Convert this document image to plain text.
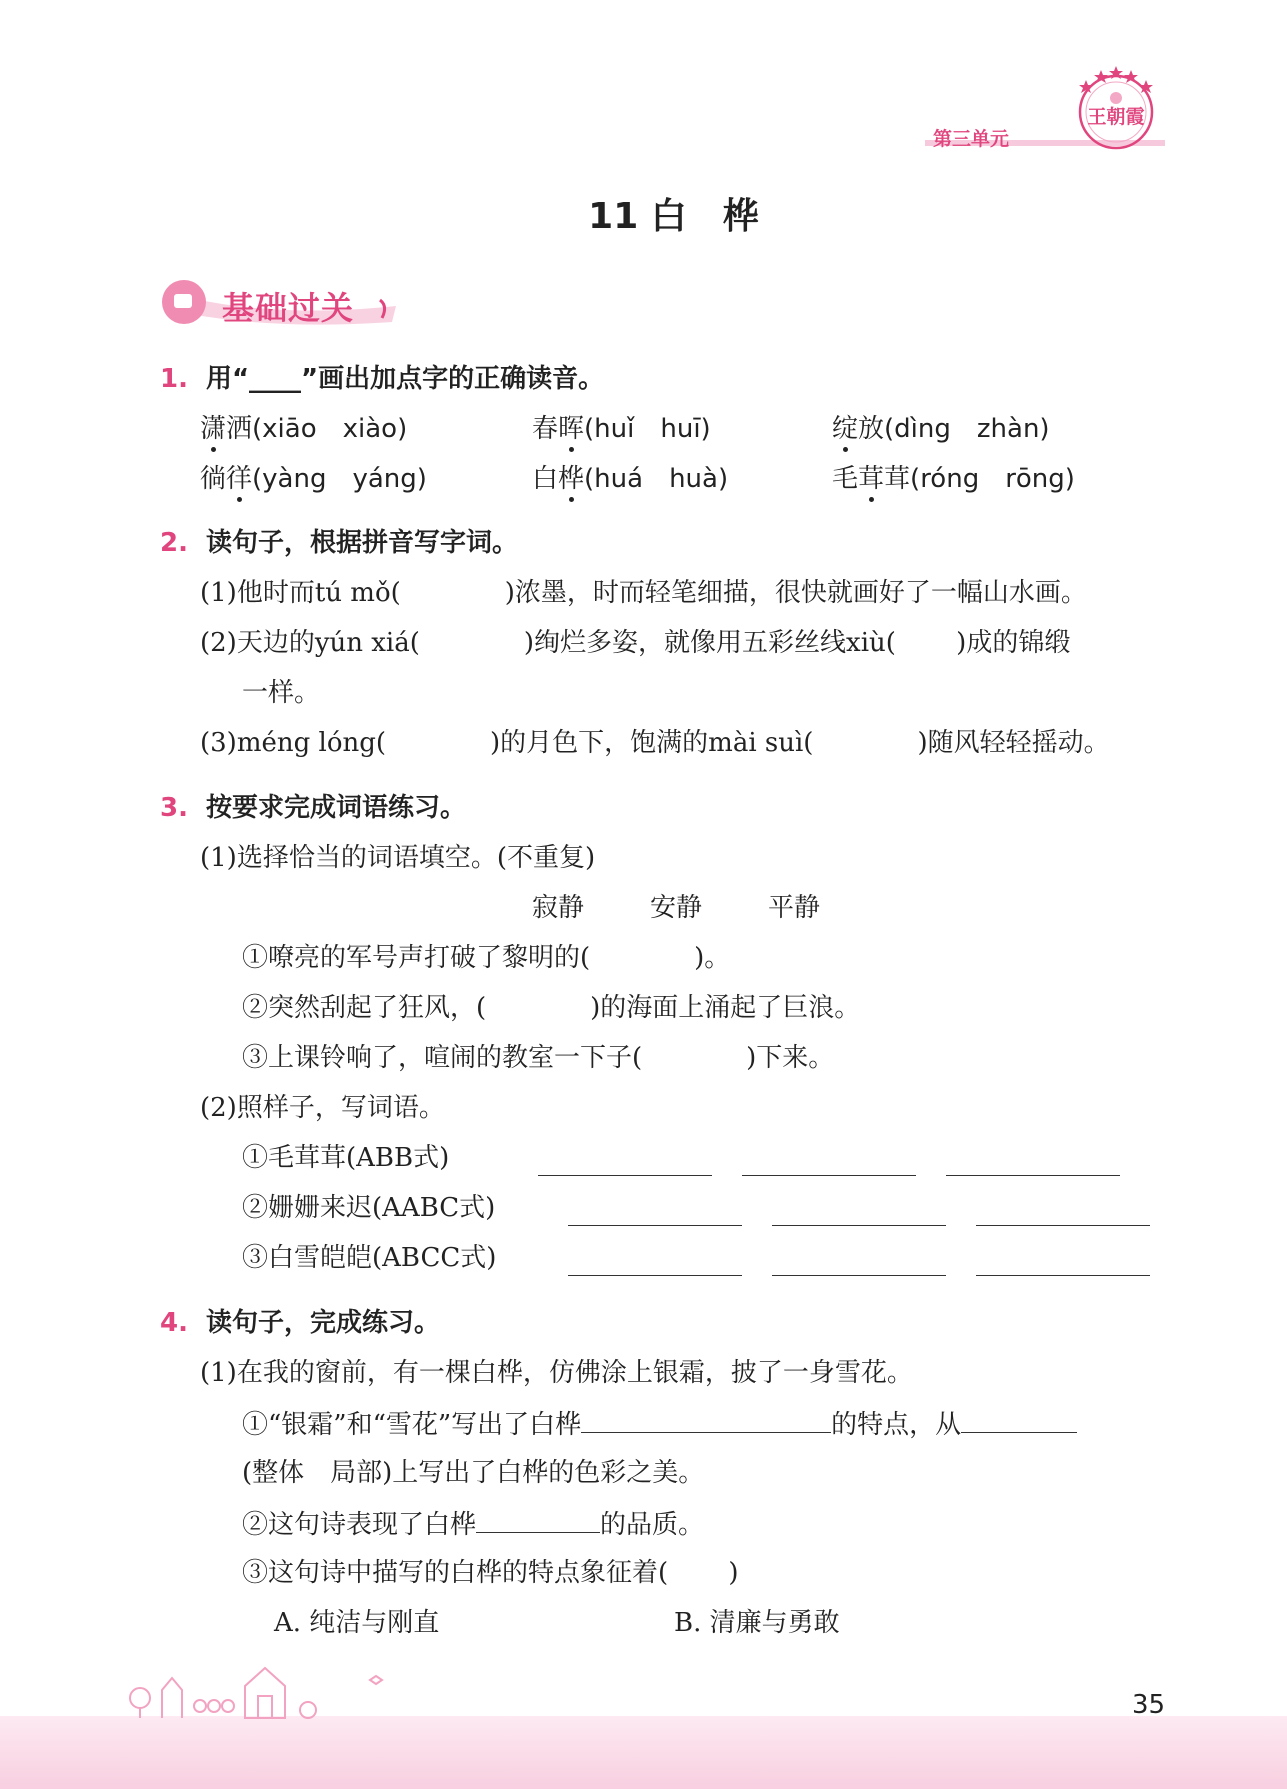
第三单元
王朝霞
11 白　桦
基础过关
1. 用“____”画出加点字的正确读音。
潇洒(xiāo　xiào)	春晖(huǐ　huī)	绽放(dìng　zhàn)
徜徉(yàng　yáng)	白桦(huá　huà)	毛茸茸(róng　rōng)
2. 读句子，根据拼音写字词。
(1)他时而tú mǒ(　　　　)浓墨，时而轻笔细描，很快就画好了一幅山水画。
(2)天边的yún xiá(　　　　)绚烂多姿，就像用五彩丝线xiù(　　 )成的锦缎
一样。
(3)méng lóng(　　　　)的月色下，饱满的mài suì(　　　　)随风轻轻摇动。
3. 按要求完成词语练习。
(1)选择恰当的词语填空。(不重复)
寂静	安静	平静
①嘹亮的军号声打破了黎明的(　　　　)。
②突然刮起了狂风，(　　　　)的海面上涌起了巨浪。
③上课铃响了，喧闹的教室一下子(　　　　)下来。
(2)照样子，写词语。
①毛茸茸(ABB式)
②姗姗来迟(AABC式)
③白雪皑皑(ABCC式)
4. 读句子，完成练习。
(1)在我的窗前，有一棵白桦，仿佛涂上银霜，披了一身雪花。
①“银霜”和“雪花”写出了白桦	的特点，从
(整体　局部)上写出了白桦的色彩之美。
②这句诗表现了白桦	的品质。
③这句诗中描写的白桦的特点象征着(　　 )
A. 纯洁与刚直	B. 清廉与勇敢
35
